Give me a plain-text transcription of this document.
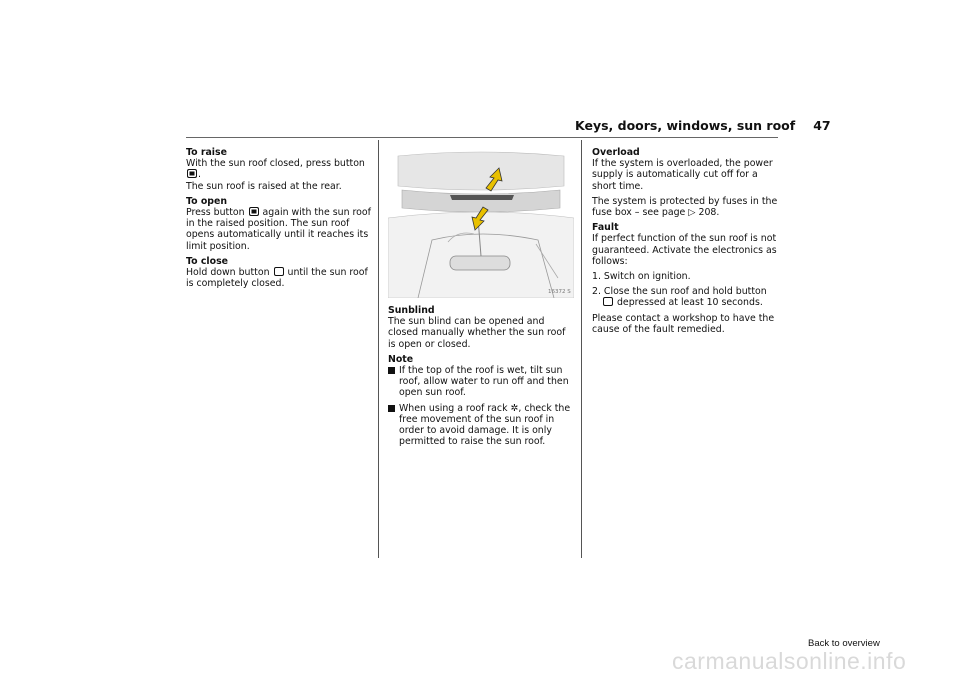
Keys, doors, windows, sun roof 47
To raise

With the sun roof closed, press button .
The sun roof is raised at the rear.

To open

Press button again with the sun roof in the raised position. The sun roof opens automatically until it reaches its limit position.

To close

Hold down button until the sun roof is completely closed.

16372 S
Sunblind

The sun blind can be opened and closed manually whether the sun roof is open or closed.

Note
If the top of the roof is wet, tilt sun roof, allow water to run off and then open sun roof.
When using a roof rack ✲, check the free movement of the sun roof in order to avoid damage. It is only permitted to raise the sun roof.
Overload

If the system is overloaded, the power supply is automatically cut off for a short time.

The system is protected by fuses in the fuse box – see page ▷ 208.

Fault

If perfect function of the sun roof is not guaranteed. Activate the electronics as follows:

1. Switch on ignition.

2. Close the sun roof and hold button  depressed at least 10 seconds.

Please contact a workshop to have the cause of the fault remedied.

Back to overview
carmanualsonline.info
